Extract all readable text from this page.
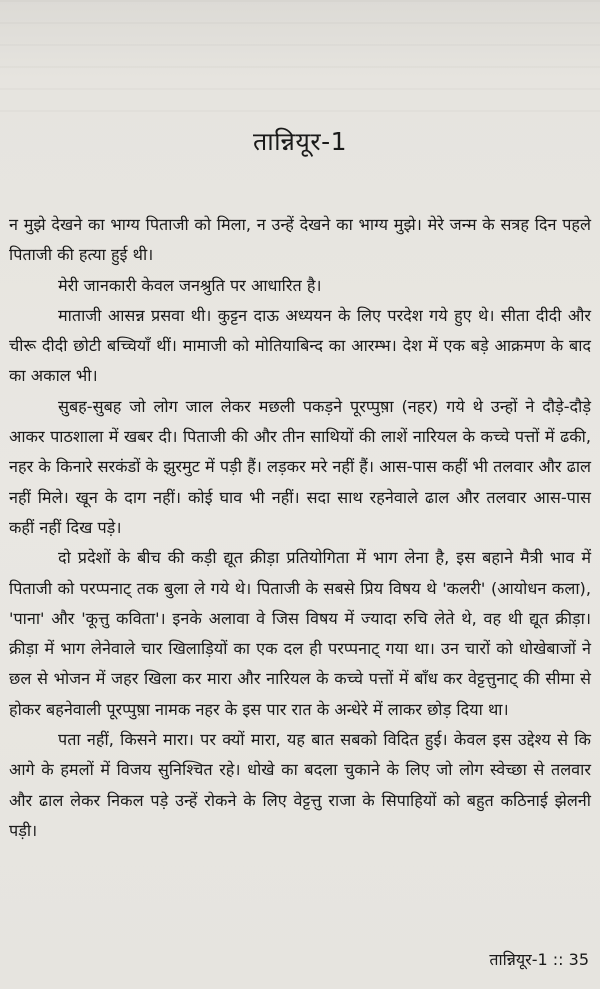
तान्नियूर-1

न मुझे देखने का भाग्य पिताजी को मिला, न उन्हें देखने का भाग्य मुझे। मेरे जन्म के सत्रह दिन पहले पिताजी की हत्या हुई थी।

मेरी जानकारी केवल जनश्रुति पर आधारित है।

माताजी आसन्न प्रसवा थी। कुट्टन दाऊ अध्ययन के लिए परदेश गये हुए थे। सीता दीदी और चीरू दीदी छोटी बच्चियाँ थीं। मामाजी को मोतियाबिन्द का आरम्भ। देश में एक बड़े आक्रमण के बाद का अकाल भी।

सुबह-सुबह जो लोग जाल लेकर मछली पकड़ने पूरप्पुष़ा (नहर) गये थे उन्हों ने दौड़े-दौड़े आकर पाठशाला में खबर दी। पिताजी की और तीन साथियों की लाशें नारियल के कच्चे पत्तों में ढकी, नहर के किनारे सरकंडों के झुरमुट में पड़ी हैं। लड़कर मरे नहीं हैं। आस-पास कहीं भी तलवार और ढाल नहीं मिले। खून के दाग नहीं। कोई घाव भी नहीं। सदा साथ रहनेवाले ढाल और तलवार आस-पास कहीं नहीं दिख पड़े।

दो प्रदेशों के बीच की कड़ी द्यूत क्रीड़ा प्रतियोगिता में भाग लेना है, इस बहाने मैत्री भाव में पिताजी को परप्पनाट् तक बुला ले गये थे। पिताजी के सबसे प्रिय विषय थे 'कलरी' (आयोधन कला), 'पाना' और 'कूत्तु कविता'। इनके अलावा वे जिस विषय में ज्यादा रुचि लेते थे, वह थी द्यूत क्रीड़ा। क्रीड़ा में भाग लेनेवाले चार खिलाड़ियों का एक दल ही परप्पनाट् गया था। उन चारों को धोखेबाजों ने छल से भोजन में जहर खिला कर मारा और नारियल के कच्चे पत्तों में बाँध कर वेट्टत्तुनाट् की सीमा से होकर बहनेवाली पूरप्पुष़ा नामक नहर के इस पार रात के अन्धेरे में लाकर छोड़ दिया था।

पता नहीं, किसने मारा। पर क्यों मारा, यह बात सबको विदित हुई। केवल इस उद्देश्य से कि आगे के हमलों में विजय सुनिश्चित रहे। धोखे का बदला चुकाने के लिए जो लोग स्वेच्छा से तलवार और ढाल लेकर निकल पड़े उन्हें रोकने के लिए वेट्टत्तु राजा के सिपाहियों को बहुत कठिनाई झेलनी पड़ी।

तान्नियूर-1 :: 35
